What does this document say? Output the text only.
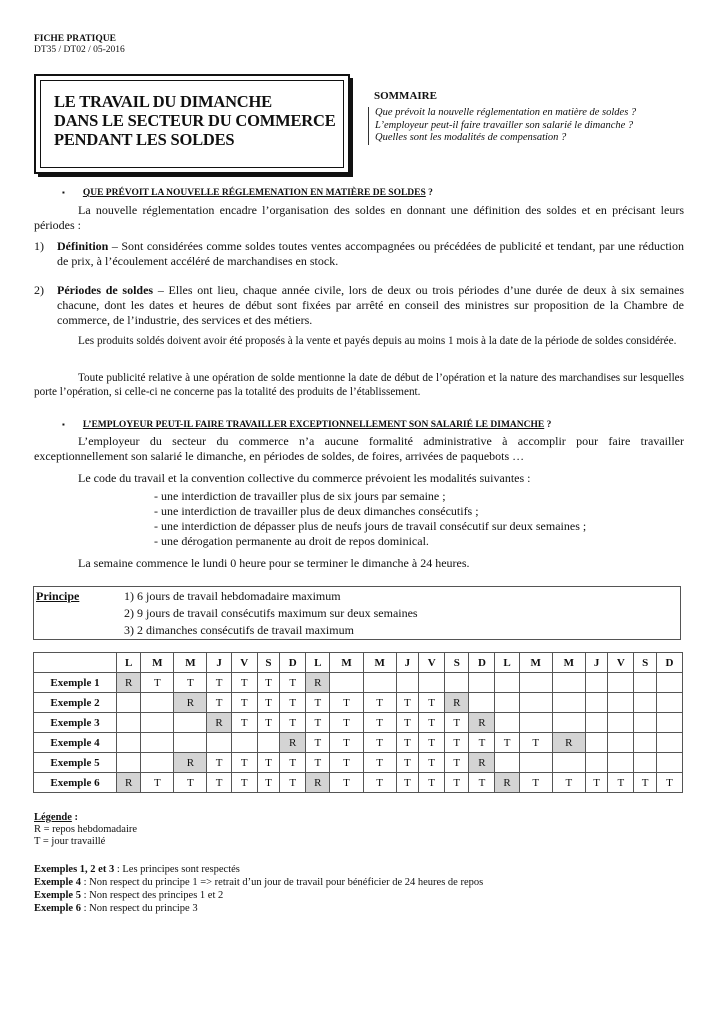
FICHE PRATIQUE
DT35 / DT02 / 05-2016
LE TRAVAIL DU DIMANCHE
DANS LE SECTEUR DU COMMERCE
PENDANT LES SOLDES
SOMMAIRE
Que prévoit la nouvelle réglementation en matière de soldes ?
L’employeur peut-il faire travailler son salarié le dimanche ?
Quelles sont les modalités de compensation ?
▪ QUE PRÉVOIT LA NOUVELLE RÉGLEMENATION EN MATIÈRE DE SOLDES ?
La nouvelle réglementation encadre l’organisation des soldes en donnant une définition des soldes et en précisant leurs périodes :
1) Définition – Sont considérées comme soldes toutes ventes accompagnées ou précédées de publicité et tendant, par une réduction de prix, à l’écoulement accéléré de marchandises en stock.
2) Périodes de soldes – Elles ont lieu, chaque année civile, lors de deux ou trois périodes d’une durée de deux à six semaines chacune, dont les dates et heures de début sont fixées par arrêté en conseil des ministres sur proposition de la Chambre de commerce, de l’industrie, des services et des métiers.
Les produits soldés doivent avoir été proposés à la vente et payés depuis au moins 1 mois à la date de la période de soldes considérée.
Toute publicité relative à une opération de solde mentionne la date de début de l’opération et la nature des marchandises sur lesquelles porte l’opération, si celle-ci ne concerne pas la totalité des produits de l’établissement.
▪ L’EMPLOYEUR PEUT-IL FAIRE TRAVAILLER EXCEPTIONNELLEMENT SON SALARIÉ LE DIMANCHE ?
L’employeur du secteur du commerce n’a aucune formalité administrative à accomplir pour faire travailler exceptionnellement son salarié le dimanche, en périodes de soldes, de foires, arrivées de paquebots …
Le code du travail et la convention collective du commerce prévoient les modalités suivantes :
- une interdiction de travailler plus de six jours par semaine ;
- une interdiction de travailler plus de deux dimanches consécutifs ;
- une interdiction de dépasser plus de neufs jours de travail consécutif sur deux semaines ;
- une dérogation permanente au droit de repos dominical.
La semaine commence le lundi 0 heure pour se terminer le dimanche à 24 heures.
Principe	1) 6 jours de travail hebdomadaire maximum
2) 9 jours de travail consécutifs maximum sur deux semaines
3) 2 dimanches consécutifs de travail maximum
	L	M	M	J	V	S	D	L	M	M	J	V	S	D	L	M	M	J	V	S	D
Exemple 1	R	T	T	T	T	T	T	R													
Exemple 2			R	T	T	T	T	T	T	T	T	T	R								
Exemple 3				R	T	T	T	T	T	T	T	T	T	R							
Exemple 4							R	T	T	T	T	T	T	T	T	T	R				
Exemple 5			R	T	T	T	T	T	T	T	T	T	T	R							
Exemple 6	R	T	T	T	T	T	T	R	T	T	T	T	T	T	R	T	T	T	T	T	T
Légende :
R = repos hebdomadaire
T = jour travaillé
Exemples 1, 2 et 3 : Les principes sont respectés
Exemple 4 : Non respect du principe 1 => retrait d’un jour de travail pour bénéficier de 24 heures de repos
Exemple 5 : Non respect des principes 1 et 2
Exemple 6 : Non respect du principe 3
